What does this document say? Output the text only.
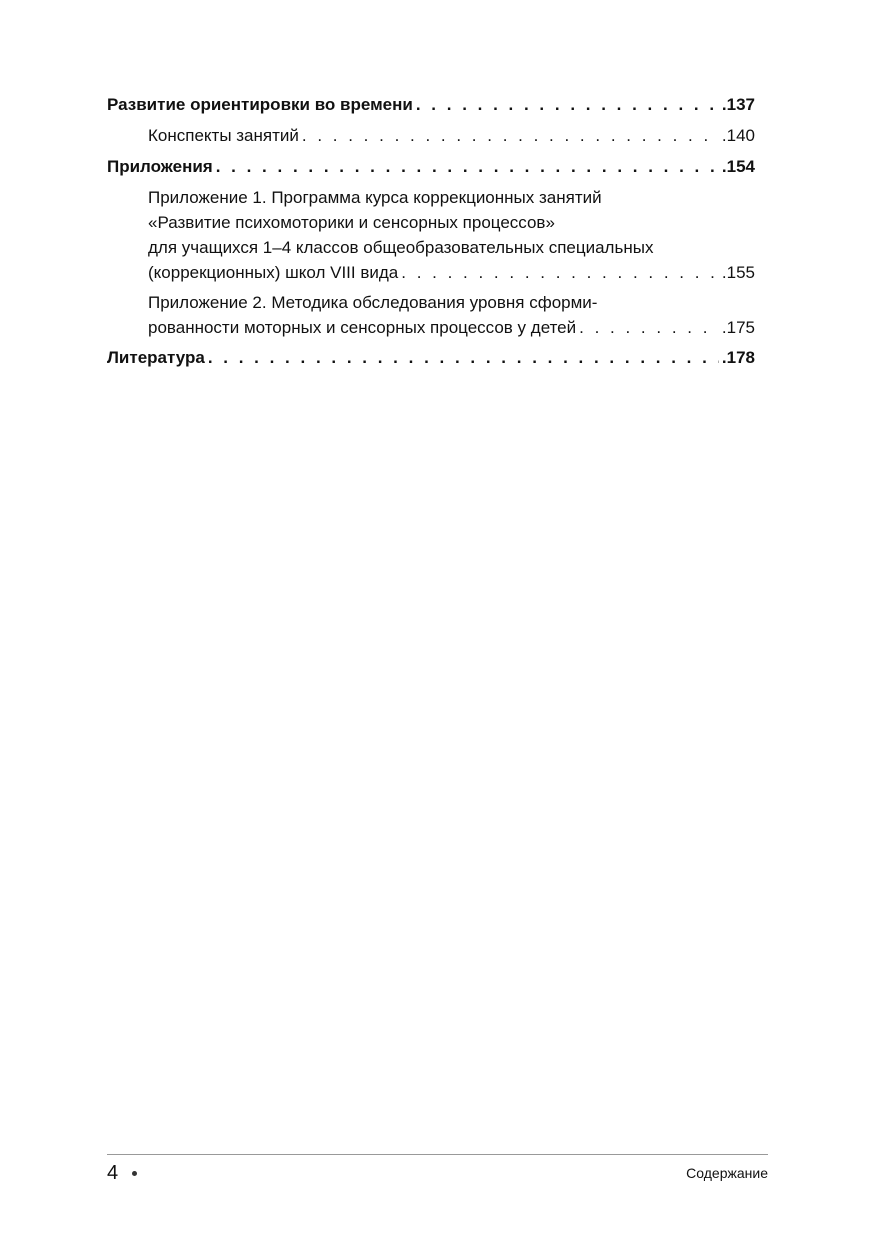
Развитие ориентировки во времени . . .	.137
Конспекты занятий . . .	.140
Приложения . . .	.154
Приложение 1. Программа курса коррекционных занятий
«Развитие психомоторики и сенсорных процессов»
для учащихся 1–4 классов общеобразовательных специальных
(коррекционных) школ VIII вида . . .	.155
Приложение 2. Методика обследования уровня сформи-
рованности моторных и сенсорных процессов у детей . . .	.175
Литература . . .	.178
4	Содержание
